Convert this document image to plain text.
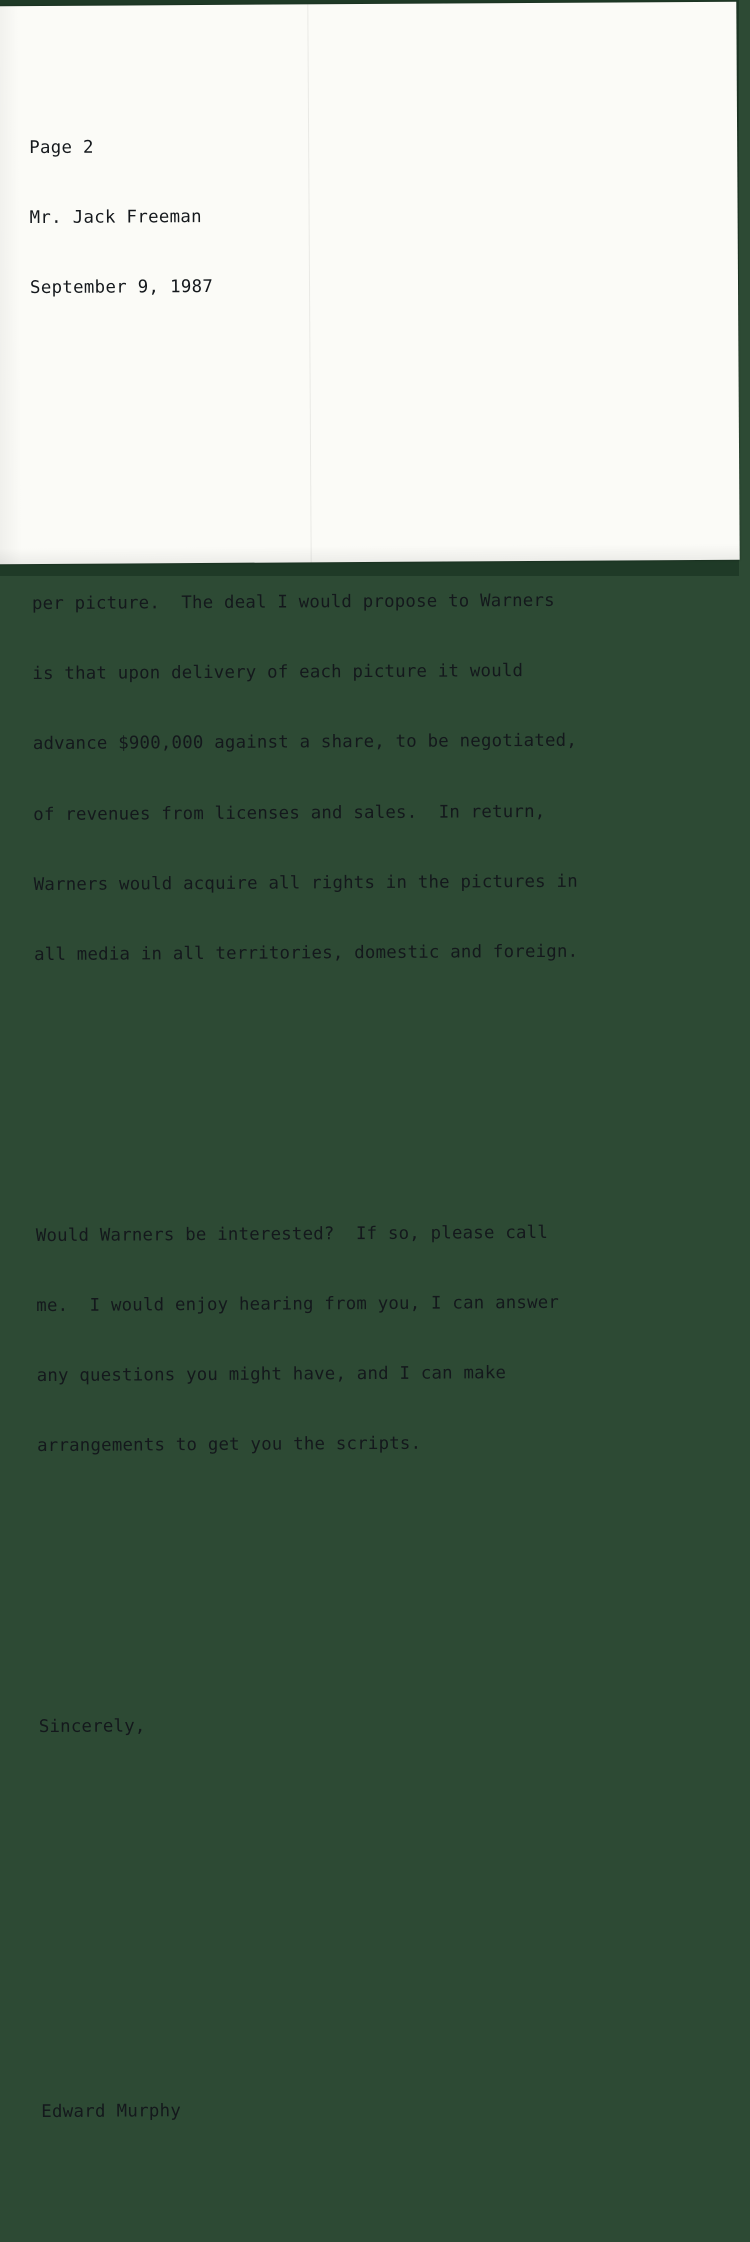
Page 2

Mr. Jack Freeman

September 9, 1987

per picture.  The deal I would propose to Warners

is that upon delivery of each picture it would

advance $900,000 against a share, to be negotiated,

of revenues from licenses and sales.  In return,

Warners would acquire all rights in the pictures in

all media in all territories, domestic and foreign.

Would Warners be interested?  If so, please call

me.  I would enjoy hearing from you, I can answer

any questions you might have, and I can make

arrangements to get you the scripts.

Sincerely,

Edward Murphy
